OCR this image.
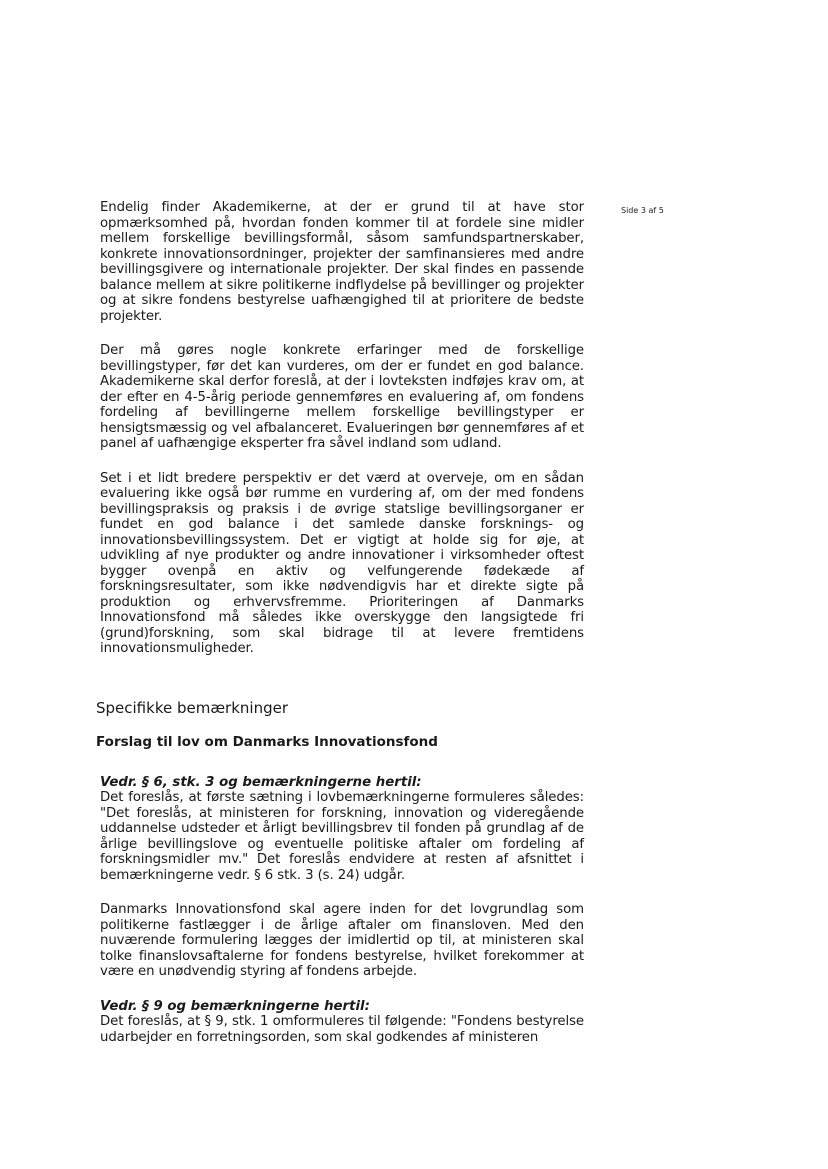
Side 3 af 5

Endelig finder Akademikerne, at der er grund til at have stor opmærksomhed på, hvordan fonden kommer til at fordele sine midler mellem forskellige bevillingsformål, såsom samfundspartnerskaber, konkrete innovationsordninger, projekter der samfinansieres med andre bevillingsgivere og internationale projekter. Der skal findes en passende balance mellem at sikre politikerne indflydelse på bevillinger og projekter og at sikre fondens bestyrelse uafhængighed til at prioritere de bedste projekter.

Der må gøres nogle konkrete erfaringer med de forskellige bevillingstyper, før det kan vurderes, om der er fundet en god balance. Akademikerne skal derfor foreslå, at der i lovteksten indføjes krav om, at der efter en 4-5-årig periode gennemføres en evaluering af, om fondens fordeling af bevillingerne mellem forskellige bevillingstyper er hensigtsmæssig og vel afbalanceret. Evalueringen bør gennemføres af et panel af uafhængige eksperter fra såvel indland som udland.

Set i et lidt bredere perspektiv er det værd at overveje, om en sådan evaluering ikke også bør rumme en vurdering af, om der med fondens bevillingspraksis og praksis i de øvrige statslige bevillingsorganer er fundet en god balance i det samlede danske forsknings- og innovationsbevillingssystem. Det er vigtigt at holde sig for øje, at udvikling af nye produkter og andre innovationer i virksomheder oftest bygger ovenpå en aktiv og velfungerende fødekæde af forskningsresultater, som ikke nødvendigvis har et direkte sigte på produktion og erhvervsfremme. Prioriteringen af Danmarks Innovationsfond må således ikke overskygge den langsigtede fri (grund)forskning, som skal bidrage til at levere fremtidens innovationsmuligheder.

Specifikke bemærkninger
Forslag til lov om Danmarks Innovationsfond
Vedr. § 6, stk. 3 og bemærkningerne hertil:

Det foreslås, at første sætning i lovbemærkningerne formuleres således: "Det foreslås, at ministeren for forskning, innovation og videregående uddannelse udsteder et årligt bevillingsbrev til fonden på grundlag af de årlige bevillingslove og eventuelle politiske aftaler om fordeling af forskningsmidler mv." Det foreslås endvidere at resten af afsnittet i bemærkningerne vedr. § 6 stk. 3 (s. 24) udgår.

Danmarks Innovationsfond skal agere inden for det lovgrundlag som politikerne fastlægger i de årlige aftaler om finansloven. Med den nuværende formulering lægges der imidlertid op til, at ministeren skal tolke finanslovsaftalerne for fondens bestyrelse, hvilket forekommer at være en unødvendig styring af fondens arbejde.

Vedr. § 9 og bemærkningerne hertil:

Det foreslås, at § 9, stk. 1 omformuleres til følgende: "Fondens bestyrelse udarbejder en forretningsorden, som skal godkendes af ministeren
